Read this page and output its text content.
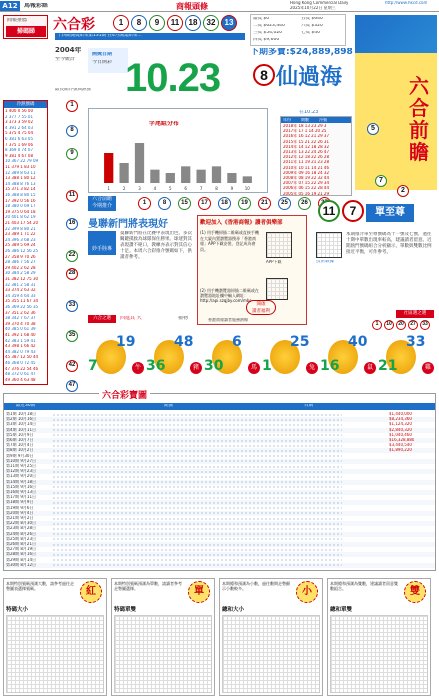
A12	馬報彩經	商報頭條	Hong Kong Commercial Daily
2025年10月22日 星期三
http://www.hkcd.com
商報推薦
掃碼睇	六合彩	頭獎 $0
二獎 $623,440
三獎 $54,020
四獎 $9,600
五獎 $640
六獎 $320
七獎 $40
十四期開獎結果第131期 在4月開業結果...
2004年
至今統計
最長期冷號與熱號
開獎日期
今日開彩
下期多寶:$24,889,898
10.23	8 仙過海
字尾組分布
1	2	3	4	5	6	7	8	9	10
在10.23
年份	期數	冷號
2018年 18 13 23 29 3
2017年 17 1 14 20 25
2016年 16 12 21 29 37
2015年 15 21 22 26 31
2014年 14 12 18 28 32
2013年 13 22 24 26 47
2012年 12 18 22 26 28
2011年 11 19 21 23 28
2010年 10 11 14 21 46
2009年 09 16 18 24 32
2008年 08 19 22 32 44
2007年 07 15 22 29 34
2006年 06 15 22 28 44
2005年 05 16 19 21 29
六合前瞻
5
7
2
冷熱號碼
1 400 0 56 00
2 377 7 55 01
3 373 3 59 02
4 391 2 64 03
5 375 4 75 04
6 381 6 63 05
7 375 1 69 06
8 369 0 74 07
9 381 4 67 08
10 367 22 79 09
11 379 1 83 10
12 389 8 63 11
13 388 1 80 12
14 388 8 76 13
15 371 3 82 14
16 388 8 80 15
17 392 0 56 16
18 380 0 69 17
19 375 0 64 18
20 401 8 62 19
21 403 17 54 20
22 399 8 80 21
23 389 1 71 22
24 396 3 68 23
25 389 5 69 24
26 386 12 56 25
27 358 9 70 26
28 386 7 56 27
29 402 2 62 28
30 384 2 58 29
31 382 12 75 30
32 381 2 58 31
33 374 2 63 32
34 359 4 64 33
35 355 11 67 34
36 369 22 56 35
37 351 2 62 36
38 342 7 67 37
39 370 4 70 38
40 385 0 61 39
41 392 1 68 40
42 383 1 59 41
43 398 1 66 42
44 382 0 79 43
45 387 12 50 44
46 368 0 72 45
47 376 22 54 46
48 372 0 61 47
49 360 4 63 48
1
8
9
11
16
22
28
33
35
42
47
六合前瞻
今期推介	1	8	15	17	18	19	21	25	26
曼聯新門將表現好
妙手陸專
曼聯新門將在比賽中表現出色，多次關鍵撲救為球隊保住勝果。球迷對其表現讚不絕口，教練亦表示對其信心十足。本周六合彩推介號碼如下，供讀者參考。
六合之選	四進其 大	禮物
歡迎加入《香港商報》讀者俱樂部
(1) 用手機掃描二維碼或直接手機在大廈內置瀏覽器搜尋「香港商報」APP下載安裝，登記成為會員。
(2) 用手機瀏覽器掃描二維碼或在瀏覽器地址欄中輸入網址：http://api.szqjby.com/mbs
APP下載
開啟
讀者福利
香港商報讀者服務熱線
11	7	單至尊
技術數據
本期推介單至尊號碼為十一號及七號，過往十期中單數出現率較高，建議讀者留意。近期熱門號碼組合分析顯示，單數與雙數比例接近平衡，可作參考。
社區選之選
1	10	20	27	33
19
7	牛
48
36	豬
6
30	馬
25
1	兔
40
16	鼠
33
21	雞
六合彩寶圖
最近30期	期號	日期
第1期 10月18日	$1,440,000
第2期 10月16日	$8,234,360
第3期 10月14日	$1,124,320
第4期 10月11日	$2,840,320
第5期 10月9日	$1,040,460
第6期 10月7日	$16,328,880
第7期 10月4日	$3,440,540
第8期 10月2日	$1,890,220
第9期 9月30日
第10期 9月27日
第11期 9月25日
第12期 9月23日
第13期 9月20日
第14期 9月18日
第15期 9月16日
第16期 9月13日
第17期 9月11日
第18期 9月9日
第19期 9月6日
第20期 9月4日
第21期 9月2日
第22期 8月30日
第23期 8月28日
第24期 8月26日
第25期 8月23日
第26期 8月21日
第27期 8月19日
第28期 8月16日
第29期 8月14日
第30期 8月12日
本期特別號碼預測大數，請參考過往走勢圖表選擇號碼。	紅
特碼大小
本期特別號碼預測為單數，請讀者參考走勢圖選擇。	單
特碼單雙
本期總和預測為小數，過往數期走勢顯示小數較多。	小
總和大小
本期總和預測為雙數，建議讀者留意雙數組合。	雙
總和單雙
1	8	9	11	18	32	13
